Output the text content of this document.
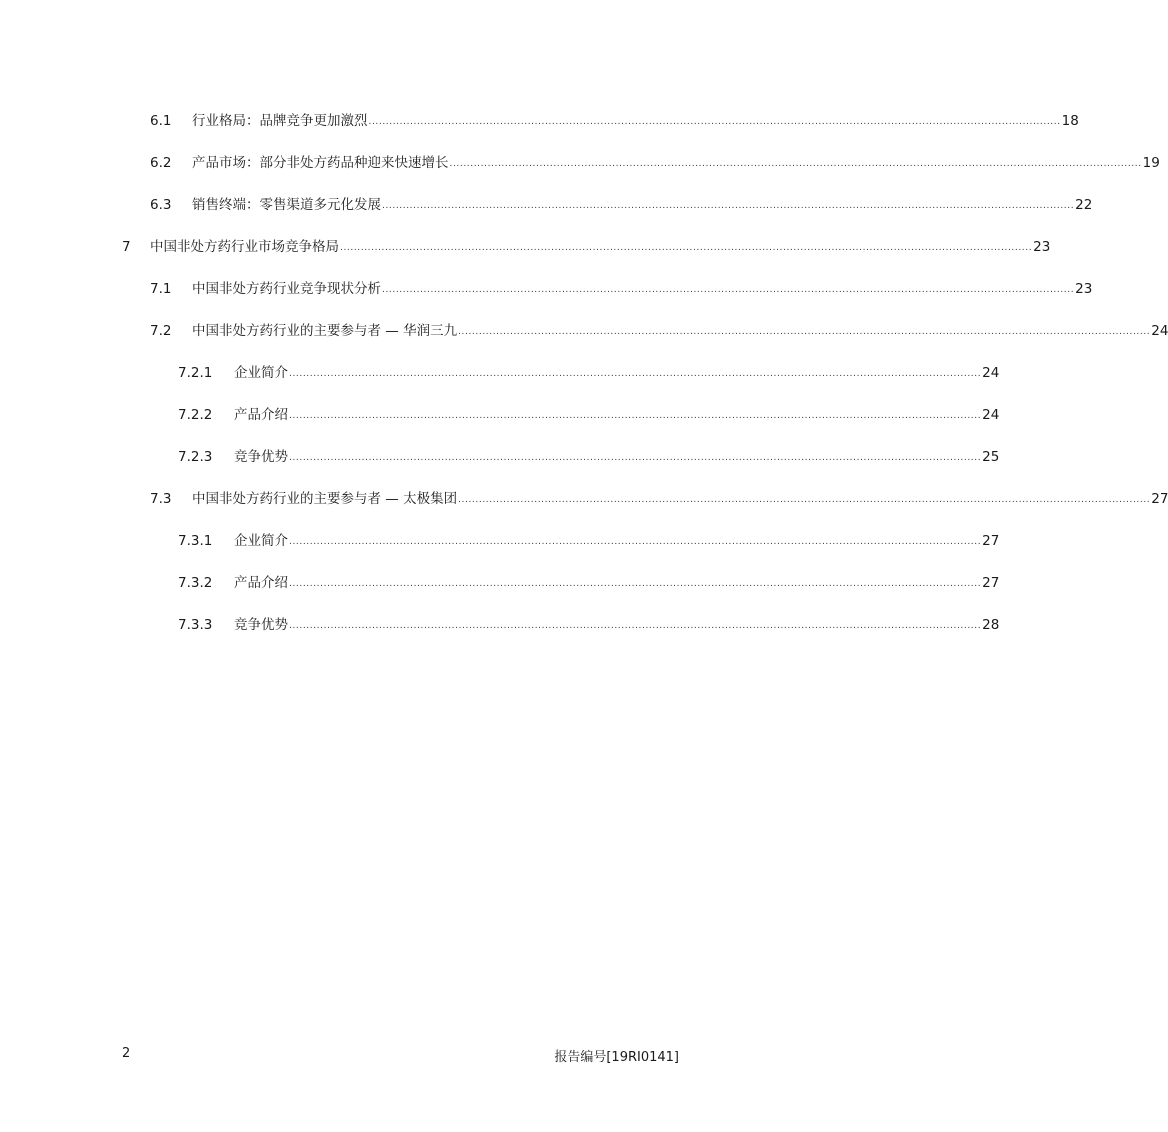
6.1	行业格局：品牌竞争更加激烈 ........................................................................................................................................................................................................ 18
6.2	产品市场：部分非处方药品种迎来快速增长 ........................................................................................................................................................................................................ 19
6.3	销售终端：零售渠道多元化发展 ........................................................................................................................................................................................................ 22
7	中国非处方药行业市场竞争格局 ........................................................................................................................................................................................................ 23
7.1	中国非处方药行业竞争现状分析 ........................................................................................................................................................................................................ 23
7.2	中国非处方药行业的主要参与者 — 华润三九 ........................................................................................................................................................................................................ 24
7.2.1	企业简介 ........................................................................................................................................................................................................ 24
7.2.2	产品介绍 ........................................................................................................................................................................................................ 24
7.2.3	竞争优势 ........................................................................................................................................................................................................ 25
7.3	中国非处方药行业的主要参与者 — 太极集团 ........................................................................................................................................................................................................ 27
7.3.1	企业简介 ........................................................................................................................................................................................................ 27
7.3.2	产品介绍 ........................................................................................................................................................................................................ 27
7.3.3	竞争优势 ........................................................................................................................................................................................................ 28
2	报告编号[19RI0141]
